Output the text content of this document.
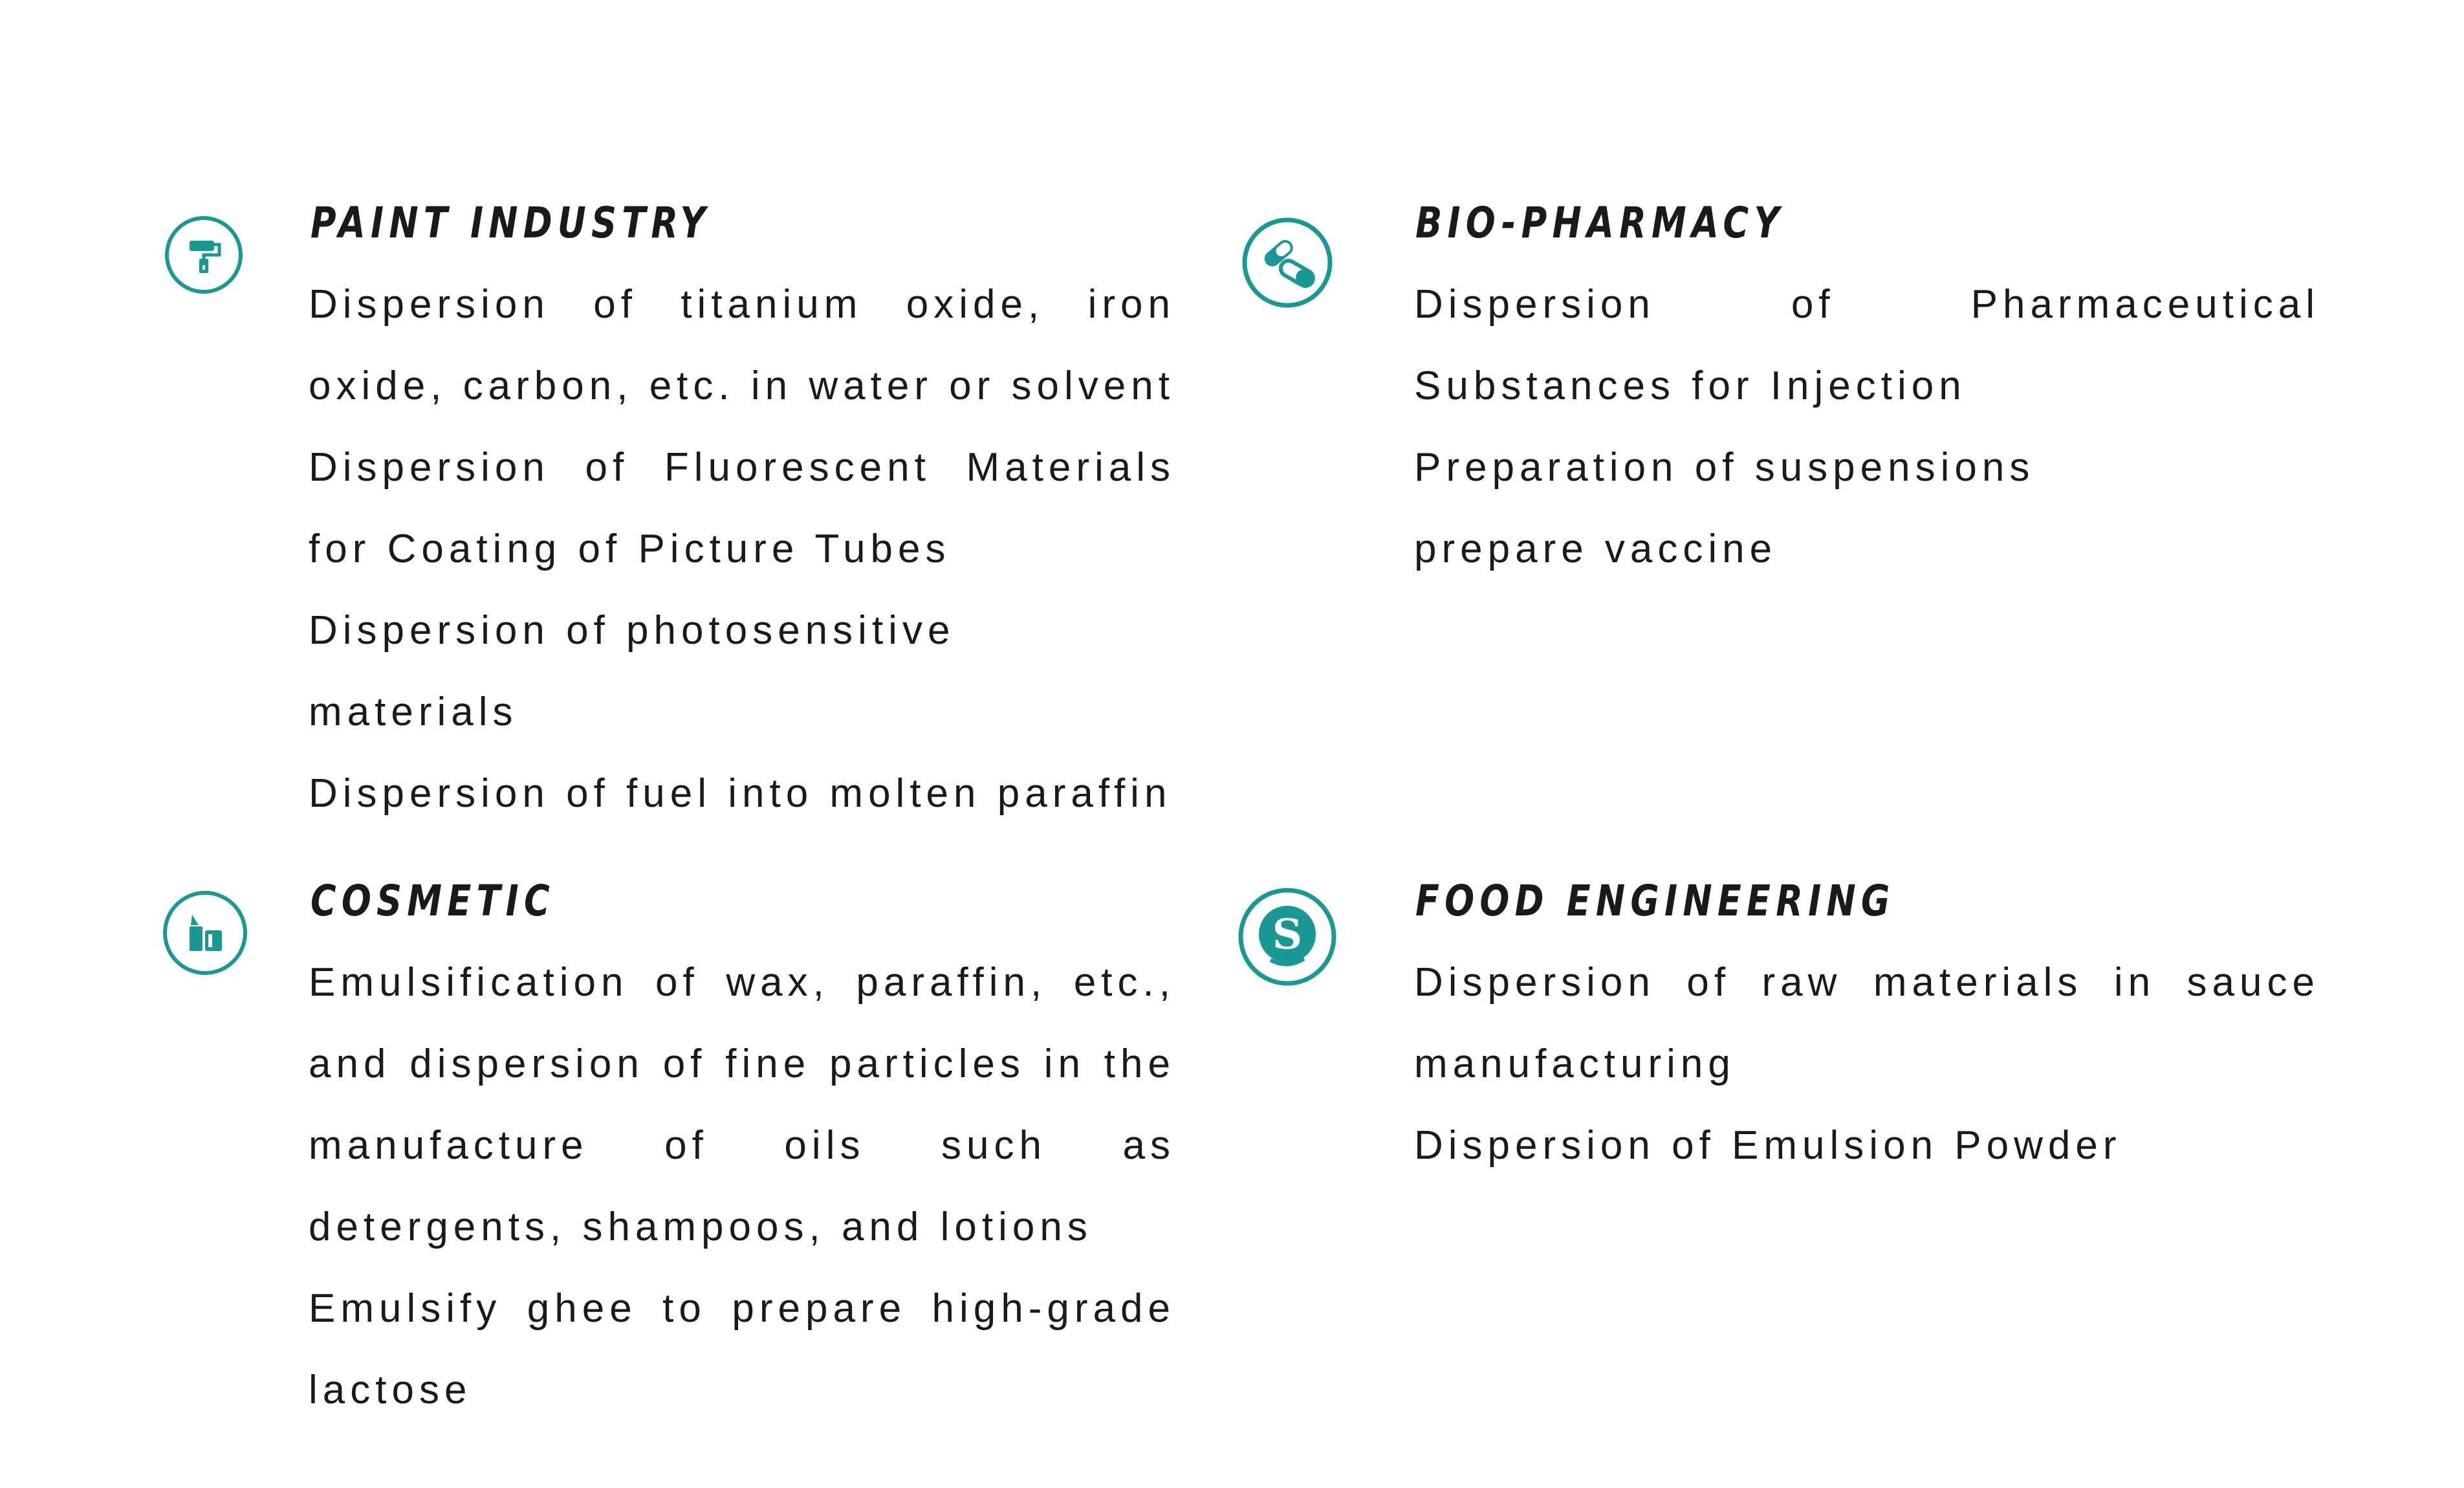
PAINT INDUSTRY

Dispersion of titanium oxide, iron oxide, carbon, etc. in water or solvent

Dispersion of Fluorescent Materials for Coating of Picture Tubes

Dispersion of photosensitive materials

Dispersion of fuel into molten paraffin

BIO-PHARMACY

Dispersion of Pharmaceutical Substances for Injection

Preparation of suspensions

prepare vaccine

COSMETIC

Emulsification of wax, paraffin, etc., and dispersion of fine particles in the manufacture of oils such as detergents, shampoos, and lotions

Emulsify ghee to prepare high-grade lactose

S
FOOD ENGINEERING

Dispersion of raw materials in sauce manufacturing

Dispersion of Emulsion Powder
